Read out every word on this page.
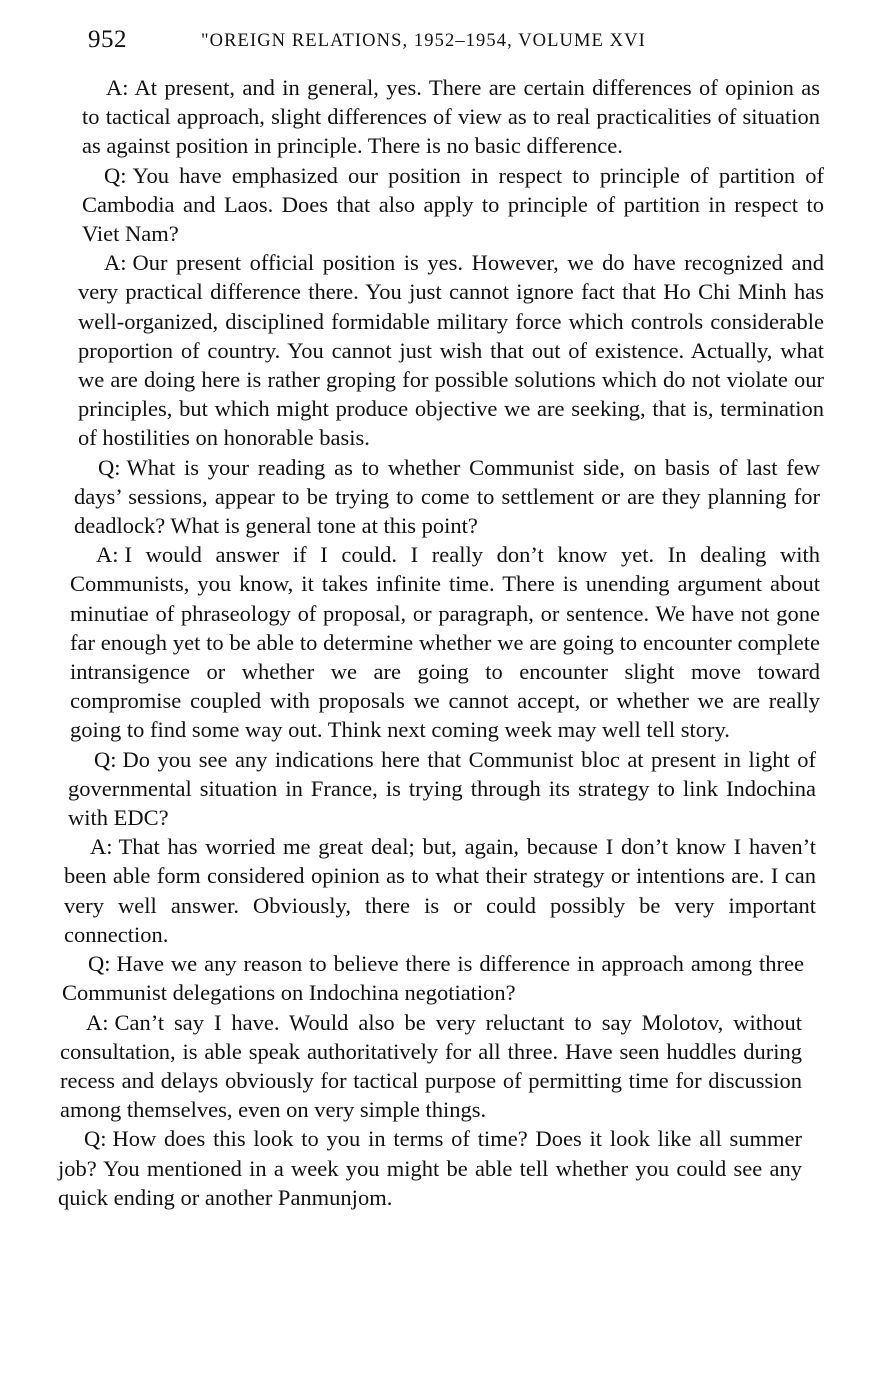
952	"OREIGN RELATIONS, 1952–1954, VOLUME XVI

A: At present, and in general, yes. There are certain differences of opinion as to tactical approach, slight differences of view as to real practicalities of situation as against position in principle. There is no basic difference.

Q: You have emphasized our position in respect to principle of partition of Cambodia and Laos. Does that also apply to principle of partition in respect to Viet Nam?

A: Our present official position is yes. However, we do have recognized and very practical difference there. You just cannot ignore fact that Ho Chi Minh has well-organized, disciplined formidable military force which controls considerable proportion of country. You cannot just wish that out of existence. Actually, what we are doing here is rather groping for possible solutions which do not violate our principles, but which might produce objective we are seeking, that is, termination of hostilities on honorable basis.

Q: What is your reading as to whether Communist side, on basis of last few days’ sessions, appear to be trying to come to settlement or are they planning for deadlock? What is general tone at this point?

A: I would answer if I could. I really don’t know yet. In dealing with Communists, you know, it takes infinite time. There is unending argument about minutiae of phraseology of proposal, or paragraph, or sentence. We have not gone far enough yet to be able to determine whether we are going to encounter complete intransigence or whether we are going to encounter slight move toward compromise coupled with proposals we cannot accept, or whether we are really going to find some way out. Think next coming week may well tell story.

Q: Do you see any indications here that Communist bloc at present in light of governmental situation in France, is trying through its strategy to link Indochina with EDC?

A: That has worried me great deal; but, again, because I don’t know I haven’t been able form considered opinion as to what their strategy or intentions are. I can very well answer. Obviously, there is or could possibly be very important connection.

Q: Have we any reason to believe there is difference in approach among three Communist delegations on Indochina negotiation?

A: Can’t say I have. Would also be very reluctant to say Molotov, without consultation, is able speak authoritatively for all three. Have seen huddles during recess and delays obviously for tactical purpose of permitting time for discussion among themselves, even on very simple things.

Q: How does this look to you in terms of time? Does it look like all summer job? You mentioned in a week you might be able tell whether you could see any quick ending or another Panmunjom.
